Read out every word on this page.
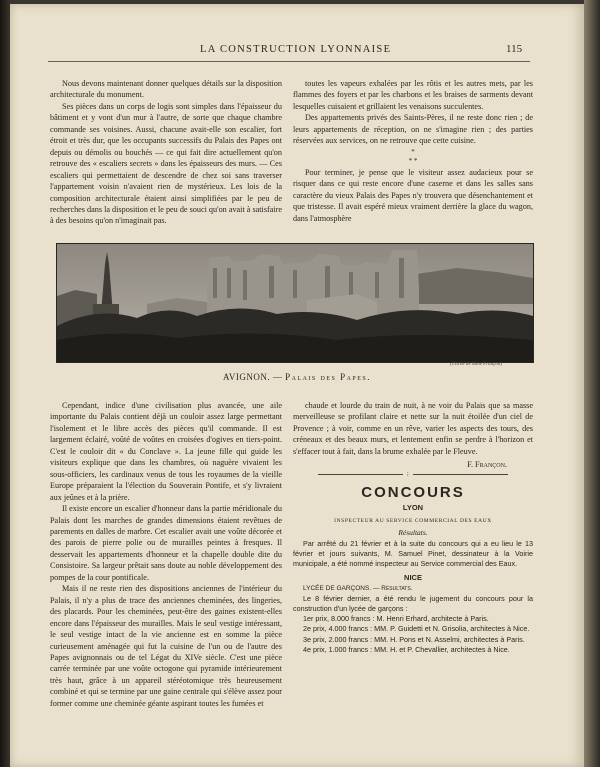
LA CONSTRUCTION LYONNAISE	115

Nous devons maintenant donner quelques détails sur la disposition architecturale du monument.

Ses pièces dans un corps de logis sont simples dans l'épaisseur du bâtiment et y vont d'un mur à l'autre, de sorte que chaque chambre commande ses voisines. Aussi, chacune avait-elle son escalier, fort étroit et très dur, que les occupants successifs du Palais des Papes ont depuis ou démolis ou bouchés — ce qui fait dire actuellement qu'on retrouve des « escaliers secrets » dans les épaisseurs des murs. — Ces escaliers qui permettaient de descendre de chez soi sans traverser l'appartement voisin n'avaient rien de mystérieux. Les lois de la composition architecturale étaient ainsi simplifiées par le peu de recherches dans la disposition et le peu de souci qu'on avait à satisfaire à des besoins qu'on n'imaginait pas.

toutes les vapeurs exhalées par les rôtis et les autres mets, par les flammes des foyers et par les charbons et les braises de sarments devant lesquelles cuisaient et grillaient les venaisons succulentes.

Des appartements privés des Saints-Pères, il ne reste donc rien ; de leurs appartements de réception, on ne s'imagine rien ; des parties réservées aux services, on ne retrouve que cette cuisine.

*
* *

Pour terminer, je pense que le visiteur assez audacieux pour se risquer dans ce qui reste encore d'une caserne et dans les salles sans caractère du vieux Palais des Papes n'y trouvera que désenchantement et que tristesse. Il avait espéré mieux vraiment derrière la glace du wagon, dans l'atmosphère

(Cliché de Mme Françon)
AVIGNON. — Palais des Papes.

Cependant, indice d'une civilisation plus avancée, une aile importante du Palais contient déjà un couloir assez large permettant l'isolement et le libre accès des pièces qu'il commande. Il est largement éclairé, voûté de voûtes en croisées d'ogives en tiers-point. C'est le couloir dit « du Conclave ». La jeune fille qui guide les visiteurs explique que dans les chambres, où naguère vivaient les sous-officiers, les cardinaux venus de tous les royaumes de la vieille Europe préparaient la l'élection du Souverain Pontife, et s'y livraient aux jeûnes et à la prière.

Il existe encore un escalier d'honneur dans la partie méridionale du Palais dont les marches de grandes dimensions étaient revêtues de parements en dalles de marbre. Cet escalier avait une voûte décorée et des parois de pierre polie ou de murailles peintes à fresques. Il desservait les appartements d'honneur et la chapelle double dite du Consistoire. Sa largeur prêtait sans doute au noble développement des pompes de la cour pontificale.

Mais il ne reste rien des dispositions anciennes de l'intérieur du Palais, il n'y a plus de trace des anciennes cheminées, des lingeries, des placards. Pour les cheminées, peut-être des gaines existent-elles encore dans l'épaisseur des murailles. Mais le seul vestige intéressant, le seul vestige intact de la vie ancienne est en somme la pièce curieusement aménagée qui fut la cuisine de l'un ou de l'autre des Papes avignonnais ou de tel Légat du XIVe siècle. C'est une pièce carrée terminée par une voûte octogone qui pyramide intérieurement très haut, grâce à un appareil stéréotomique très heureusement combiné et qui se termine par une gaine centrale qui s'élève assez pour former comme une cheminée géante aspirant toutes les fumées et

chaude et lourde du train de nuit, à ne voir du Palais que sa masse merveilleuse se profilant claire et nette sur la nuit étoilée d'un ciel de Provence ; à voir, comme en un rêve, varier les aspects des tours, des créneaux et des beaux murs, et lentement enfin se perdre à l'horizon et s'effacer tout à fait, dans la brume exhalée par le Fleuve.

F. Françon.
;
CONCOURS
LYON
INSPECTEUR AU SERVICE COMMERCIAL DES EAUX
Résultats.

Par arrêté du 21 février et à la suite du concours qui a eu lieu le 13 février et jours suivants, M. Samuel Pinet, dessinateur à la Voirie municipale, a été nommé inspecteur au Service commercial des Eaux.

NICE

LYCÉE DE GARÇONS. — Résultats.

Le 8 février dernier, a été rendu le jugement du concours pour la construction d'un lycée de garçons :

1er prix, 8.000 francs : M. Henri Erhard, architecte à Paris.

2e prix, 4.000 francs : MM. P. Guidetti et N. Grisolia, architectes à Nice.

3e prix, 2.000 francs : MM. H. Pons et N. Asselmi, architectes à Paris.

4e prix, 1.000 francs : MM. H. et P. Chevallier, architectes à Nice.
